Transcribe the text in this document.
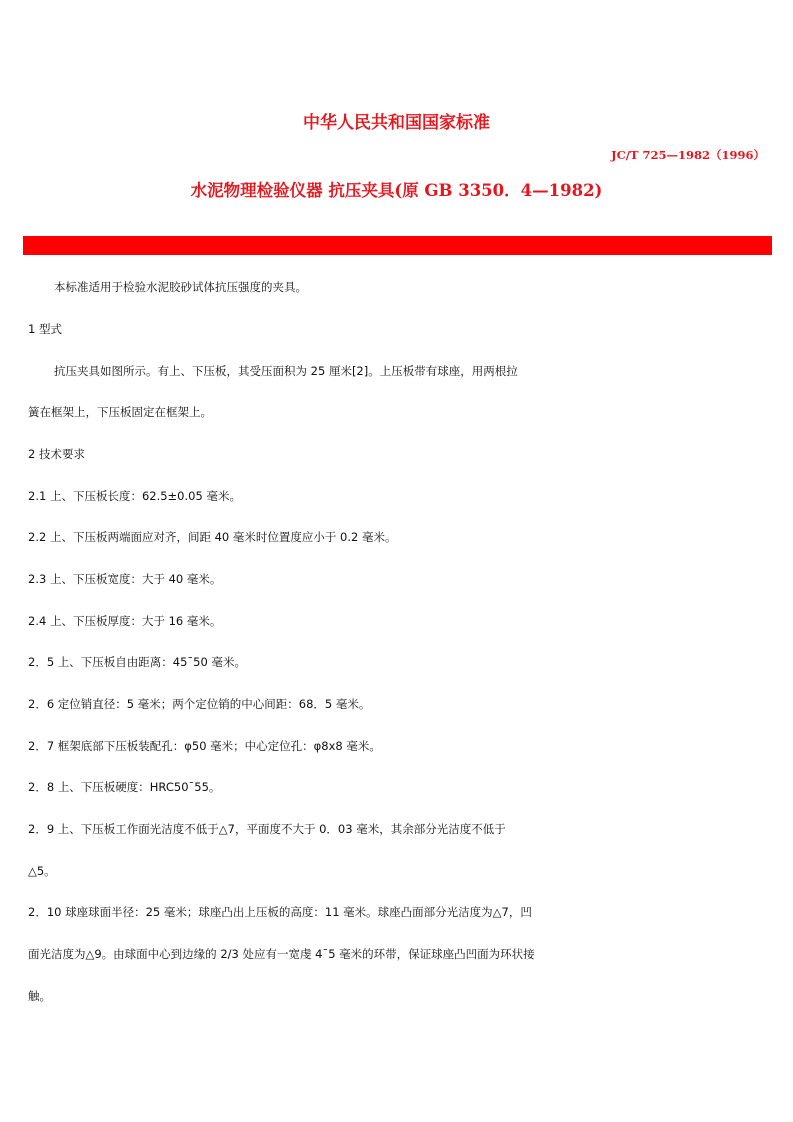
中华人民共和国国家标准
JC/T 725—1982（1996）
水泥物理检验仪器 抗压夹具(原 GB 3350．4—1982)
本标准适用于检验水泥胶砂试体抗压强度的夹具。
1 型式
抗压夹具如图所示。有上、下压板，其受压面积为 25 厘米[2]。上压板带有球座，用两根拉
簧在框架上，下压板固定在框架上。
2 技术要求
2.1 上、下压板长度：62.5±0.05 毫米。
2.2 上、下压板两端面应对齐，间距 40 毫米时位置度应小于 0.2 毫米。
2.3 上、下压板宽度：大于 40 毫米。
2.4 上、下压板厚度：大于 16 毫米。
2．5 上、下压板自由距离：45¯50 毫米。
2．6 定位销直径：5 毫米；两个定位销的中心间距：68．5 毫米。
2．7 框架底部下压板装配孔：φ50 毫米；中心定位孔：φ8x8 毫米。
2．8 上、下压板硬度：HRC50¯55。
2．9 上、下压板工作面光洁度不低于△7，平面度不大于 0．03 毫米，其余部分光洁度不低于
△5。
2．10 球座球面半径：25 毫米；球座凸出上压板的高度：11 毫米。球座凸面部分光洁度为△7，凹
面光洁度为△9。由球面中心到边缘的 2/3 处应有一宽虔 4¯5 毫米的环带，保证球座凸凹面为环状接
触。
